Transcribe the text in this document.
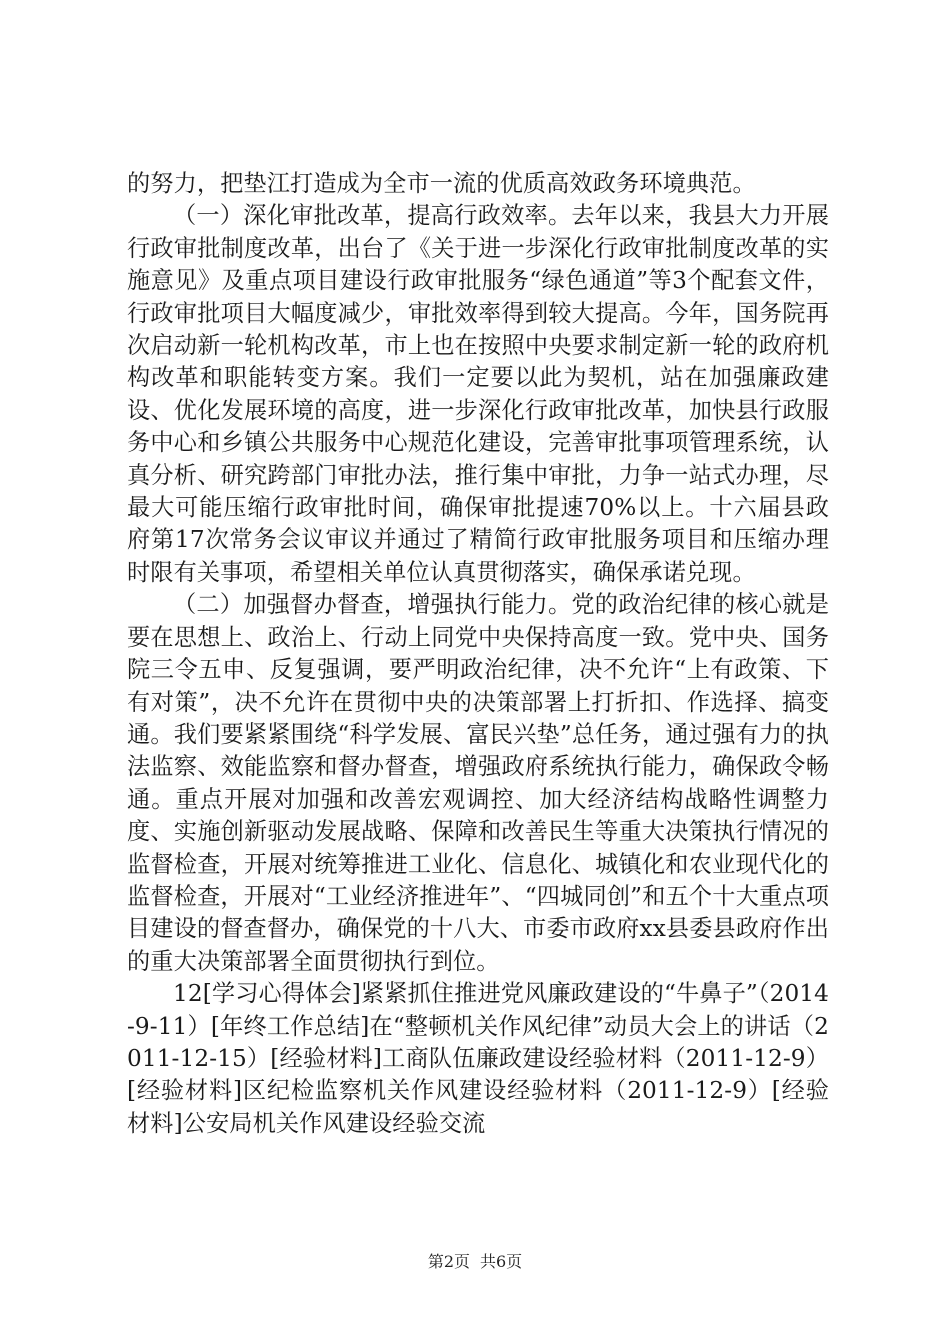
的努力，把垫江打造成为全市一流的优质高效政务环境典范。

（一）深化审批改革，提高行政效率。去年以来，我县大力开展行政审批制度改革，出台了《关于进一步深化行政审批制度改革的实施意见》及重点项目建设行政审批服务“绿色通道”等3个配套文件，行政审批项目大幅度减少，审批效率得到较大提高。今年，国务院再次启动新一轮机构改革，市上也在按照中央要求制定新一轮的政府机构改革和职能转变方案。我们一定要以此为契机，站在加强廉政建设、优化发展环境的高度，进一步深化行政审批改革，加快县行政服务中心和乡镇公共服务中心规范化建设，完善审批事项管理系统，认真分析、研究跨部门审批办法，推行集中审批，力争一站式办理，尽最大可能压缩行政审批时间，确保审批提速70%以上。十六届县政府第17次常务会议审议并通过了精简行政审批服务项目和压缩办理时限有关事项，希望相关单位认真贯彻落实，确保承诺兑现。

（二）加强督办督查，增强执行能力。党的政治纪律的核心就是要在思想上、政治上、行动上同党中央保持高度一致。党中央、国务院三令五申、反复强调，要严明政治纪律，决不允许“上有政策、下有对策”，决不允许在贯彻中央的决策部署上打折扣、作选择、搞变通。我们要紧紧围绕“科学发展、富民兴垫”总任务，通过强有力的执法监察、效能监察和督办督查，增强政府系统执行能力，确保政令畅通。重点开展对加强和改善宏观调控、加大经济结构战略性调整力度、实施创新驱动发展战略、保障和改善民生等重大决策执行情况的监督检查，开展对统筹推进工业化、信息化、城镇化和农业现代化的监督检查，开展对“工业经济推进年”、“四城同创”和五个十大重点项目建设的督查督办，确保党的十八大、市委市政府xx县委县政府作出的重大决策部署全面贯彻执行到位。

12[学习心得体会]紧紧抓住推进党风廉政建设的“牛鼻子”（2014-9-11）[年终工作总结]在“整顿机关作风纪律”动员大会上的讲话（2011-12-15）[经验材料]工商队伍廉政建设经验材料（2011-12-9）[经验材料]区纪检监察机关作风建设经验材料（2011-12-9）[经验材料]公安局机关作风建设经验交流

第2页 共6页
